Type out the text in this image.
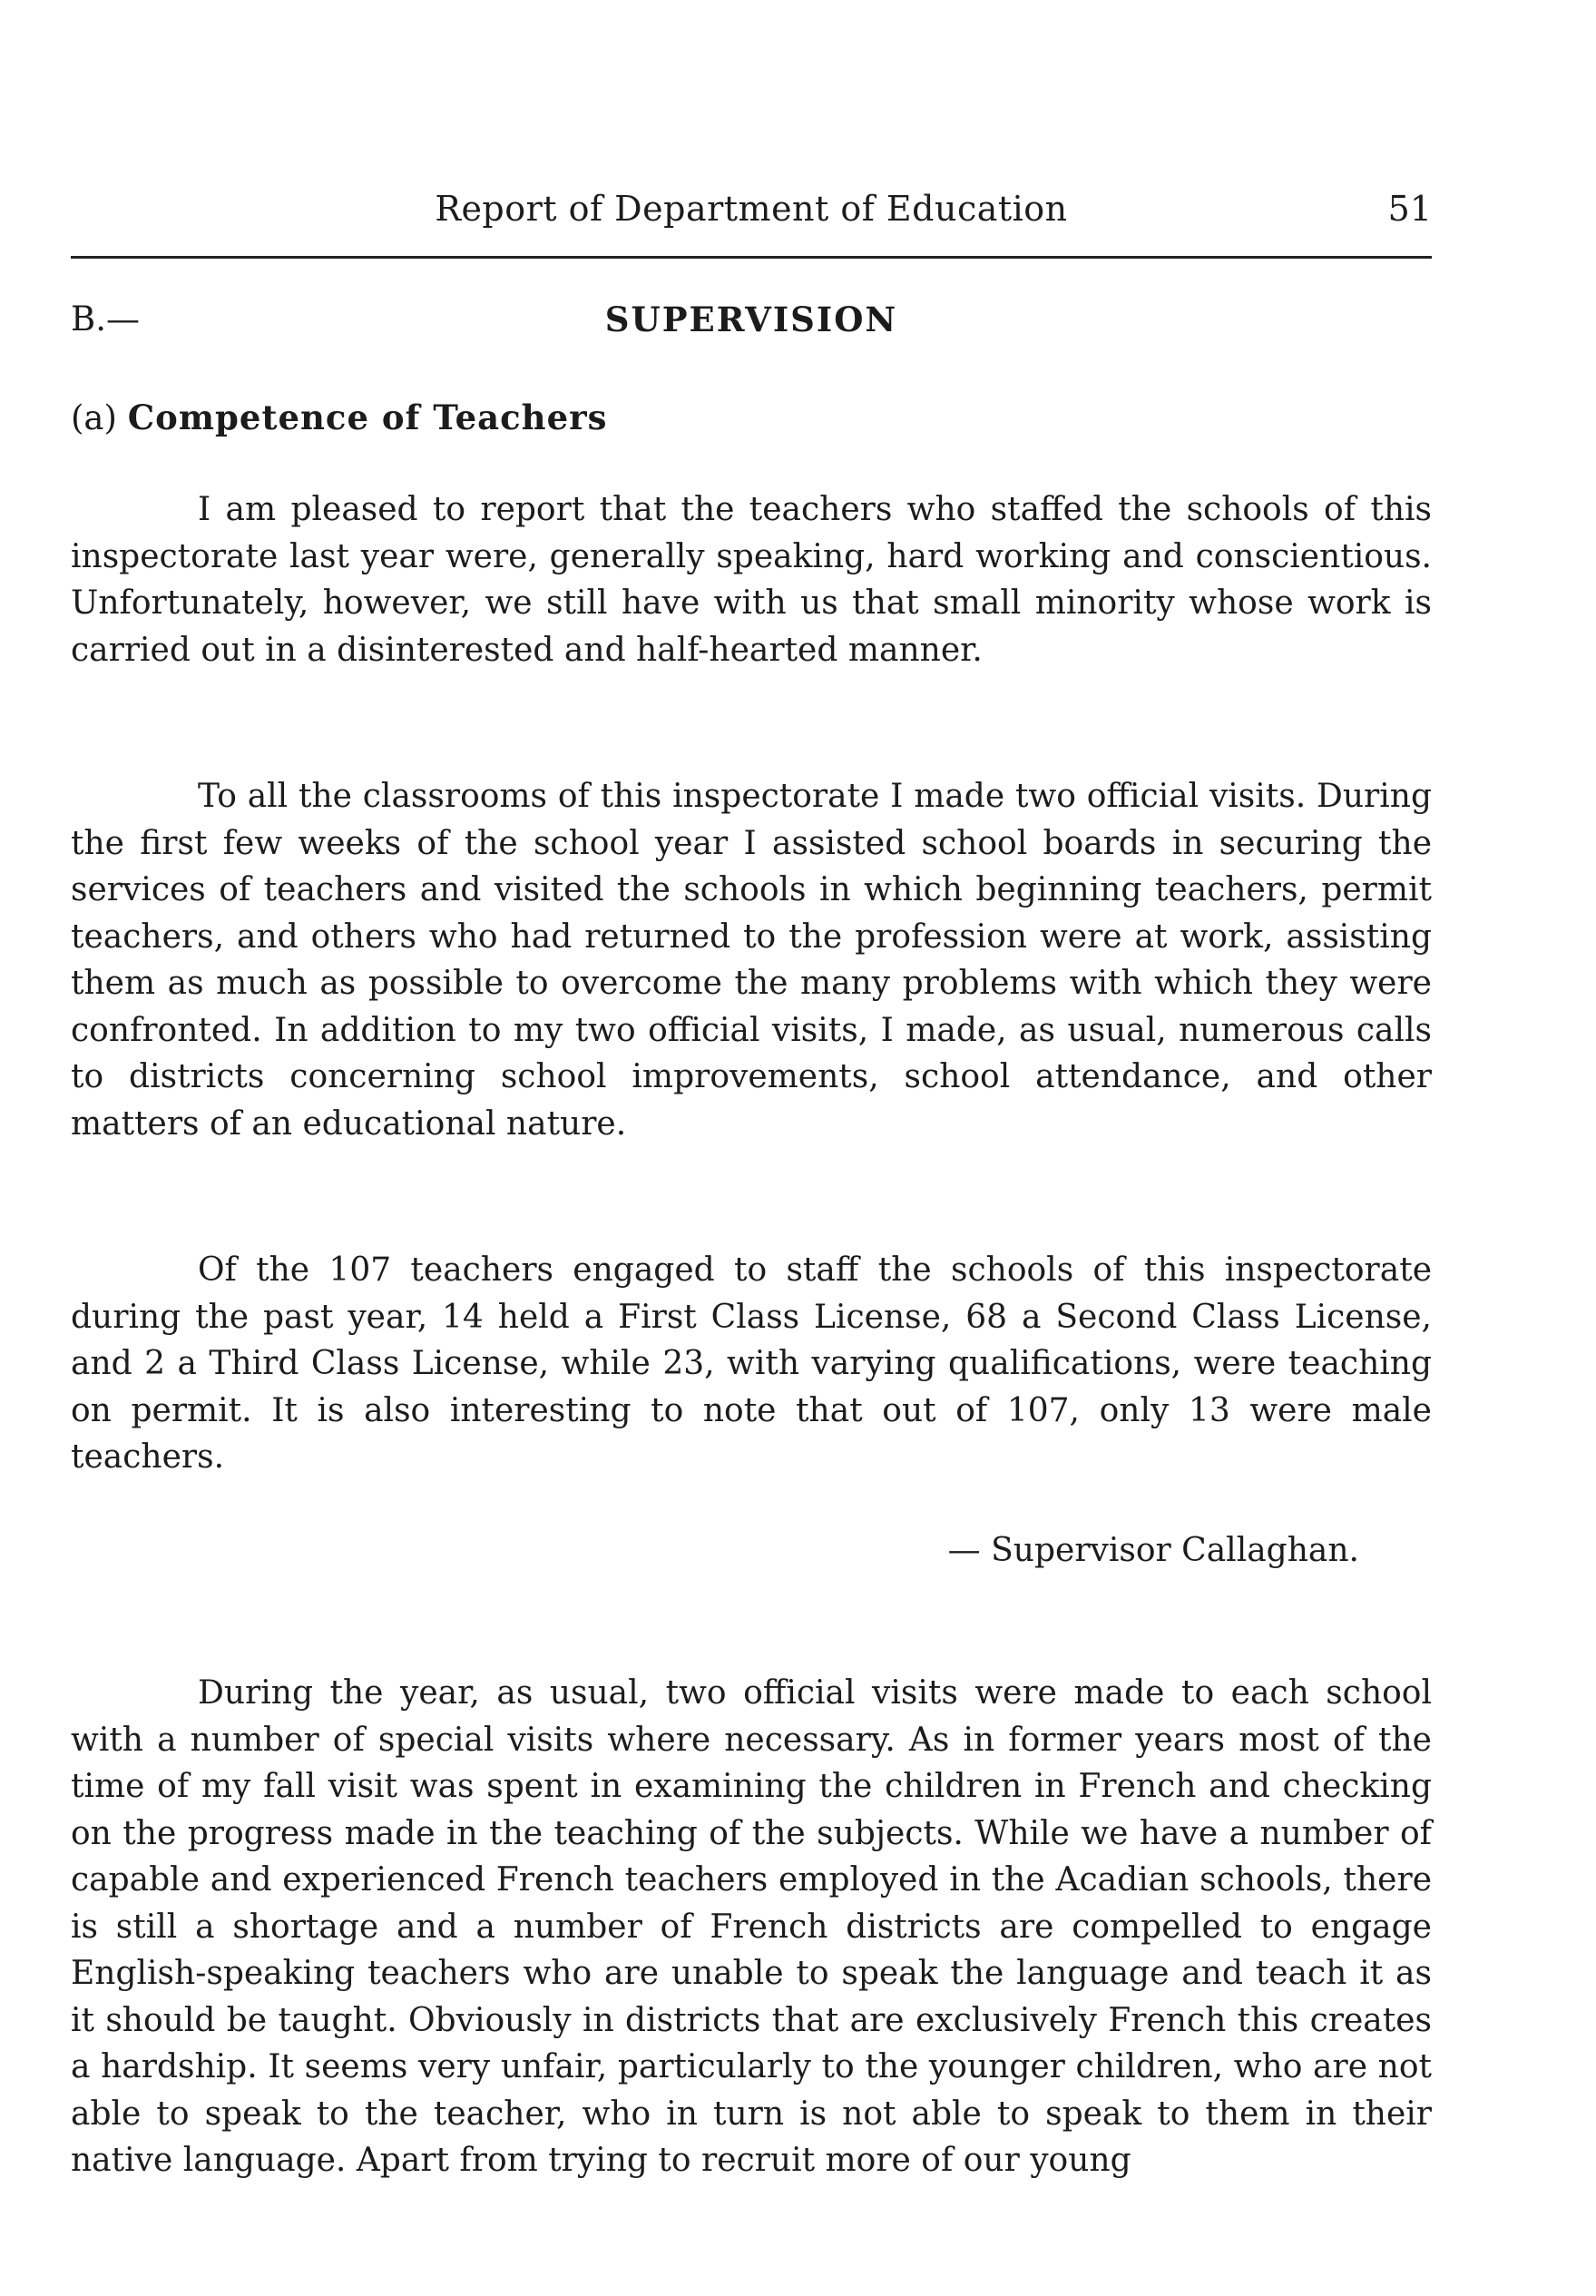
Report of Department of Education	51
B.—	SUPERVISION
(a) Competence of Teachers

I am pleased to report that the teachers who staffed the schools of this inspectorate last year were, generally speaking, hard working and conscientious. Unfortunately, however, we still have with us that small minority whose work is carried out in a disinterested and half-hearted manner.

To all the classrooms of this inspectorate I made two official visits. During the first few weeks of the school year I assisted school boards in securing the services of teachers and visited the schools in which beginning teachers, permit teachers, and others who had returned to the profession were at work, assisting them as much as possible to overcome the many problems with which they were confronted. In addition to my two official visits, I made, as usual, numerous calls to districts concerning school improvements, school attendance, and other matters of an educational nature.

Of the 107 teachers engaged to staff the schools of this inspectorate during the past year, 14 held a First Class License, 68 a Second Class License, and 2 a Third Class License, while 23, with varying qualifications, were teaching on permit. It is also interesting to note that out of 107, only 13 were male teachers.

— Supervisor Callaghan.

During the year, as usual, two official visits were made to each school with a number of special visits where necessary. As in former years most of the time of my fall visit was spent in examining the children in French and checking on the progress made in the teaching of the subjects. While we have a number of capable and experienced French teachers employed in the Acadian schools, there is still a shortage and a number of French districts are compelled to engage English-speaking teachers who are unable to speak the language and teach it as it should be taught. Obviously in districts that are exclusively French this creates a hardship. It seems very unfair, particularly to the younger children, who are not able to speak to the teacher, who in turn is not able to speak to them in their native language. Apart from trying to recruit more of our young
